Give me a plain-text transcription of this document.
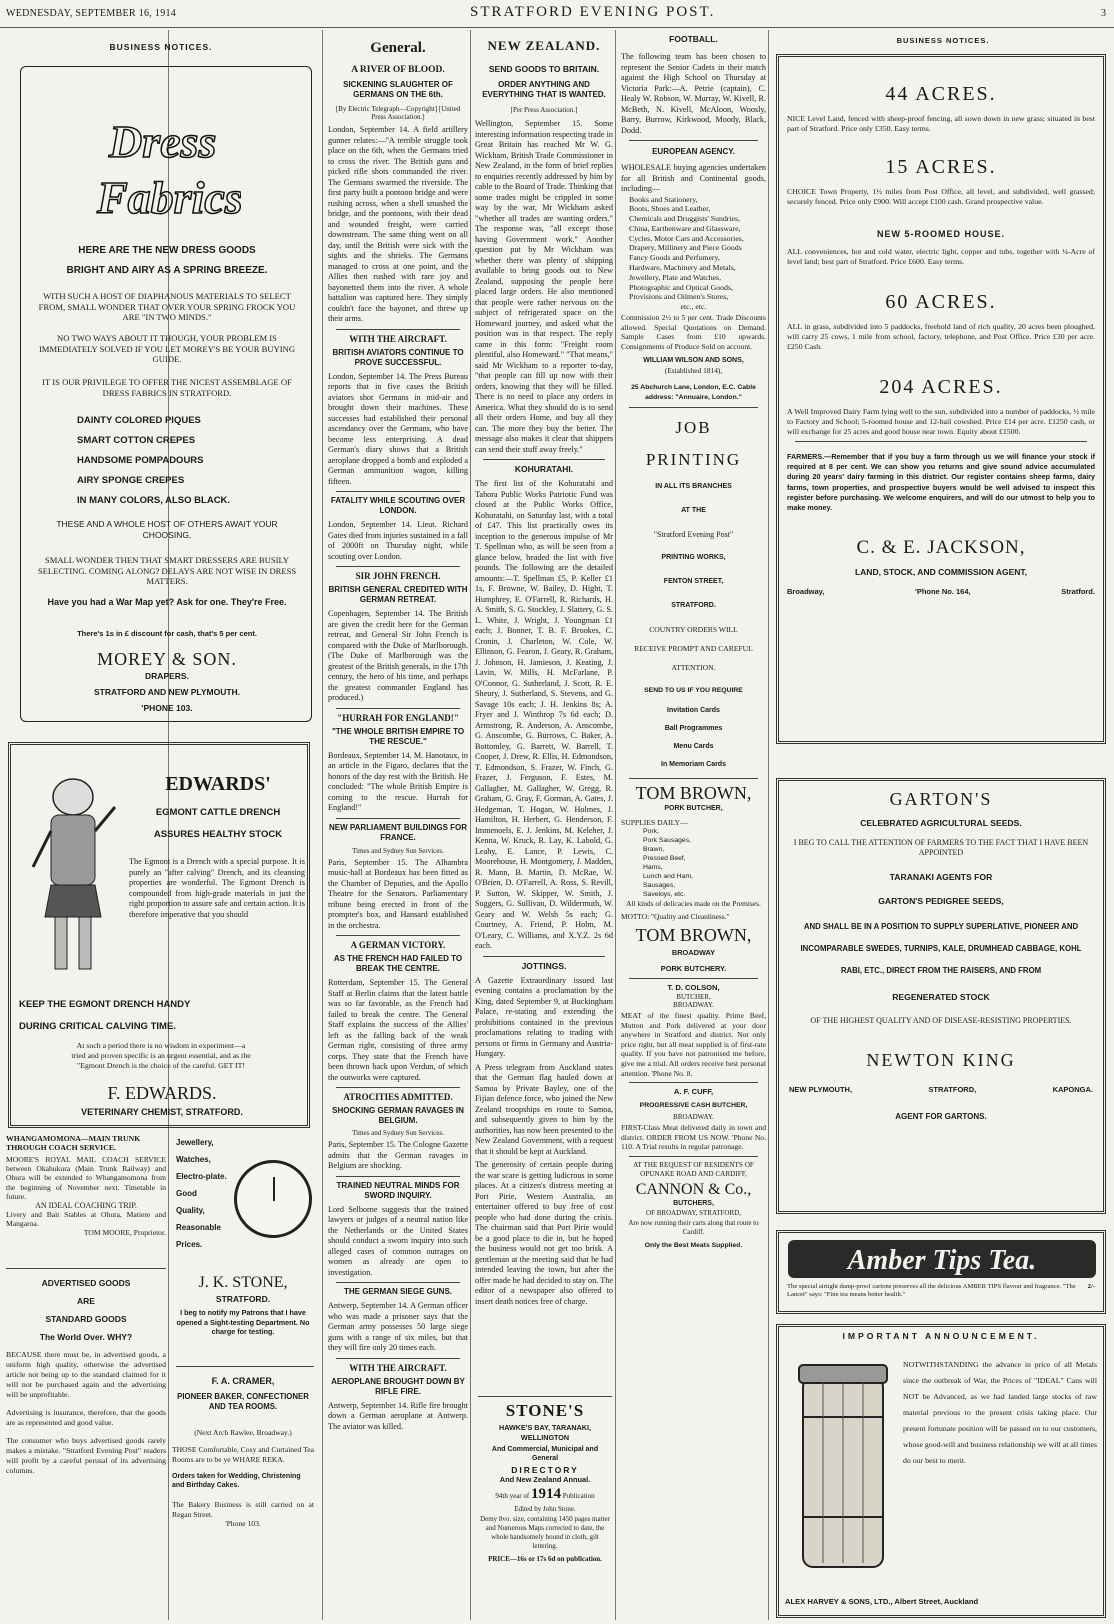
WEDNESDAY, SEPTEMBER 16, 1914	STRATFORD EVENING POST.	3
BUSINESS NOTICES.
Dress
Fabrics
HERE ARE THE NEW DRESS GOODS
BRIGHT AND AIRY AS A SPRING BREEZE.
WITH SUCH A HOST OF DIAPHANOUS MATERIALS TO SELECT FROM, SMALL WONDER THAT OVER YOUR SPRING FROCK YOU ARE "IN TWO MINDS."
NO TWO WAYS ABOUT IT THOUGH, YOUR PROBLEM IS IMMEDIATELY SOLVED IF YOU LET MOREY'S BE YOUR BUYING GUIDE.
IT IS OUR PRIVILEGE TO OFFER THE NICEST ASSEMBLAGE OF DRESS FABRICS IN STRATFORD.
DAINTY COLORED PIQUES
SMART COTTON CREPES
HANDSOME POMPADOURS
AIRY SPONGE CREPES
IN MANY COLORS, ALSO BLACK.
THESE AND A WHOLE HOST OF OTHERS AWAIT YOUR CHOOSING.
SMALL WONDER THEN THAT SMART DRESSERS ARE BUSILY SELECTING. COMING ALONG? DELAYS ARE NOT WISE IN DRESS MATTERS.
Have you had a War Map yet? Ask for one. They're Free.
There's 1s in £ discount for cash, that's 5 per cent.
MOREY & SON.
DRAPERS.
STRATFORD AND NEW PLYMOUTH.
'PHONE 103.
EDWARDS'
EGMONT CATTLE DRENCH
ASSURES HEALTHY STOCK
The Egmont is a Drench with a special purpose. It is purely an "after calving" Drench, and its cleansing properties are wonderful. The Egmont Drench is compounded from high-grade materials in just the right proportion to assure safe and certain action. It is therefore imperative that you should
KEEP THE EGMONT DRENCH HANDY
DURING CRITICAL CALVING TIME.
At such a period there is no wisdom in experiment—a tried and proven specific is an urgent essential, and as the "Egmont Drench is the choice of the careful. GET IT!
F. EDWARDS.
VETERINARY CHEMIST, STRATFORD.
WHANGAMOMONA—MAIN TRUNK THROUGH COACH SERVICE.
MOORE'S ROYAL MAIL COACH SERVICE between Okahukura (Main Trunk Railway) and Ohura will be extended to Whangamomona from the beginning of November next. Timetable in future.
AN IDEAL COACHING TRIP.
Livery and Bait Stables at Ohura, Matiere and Mangaroa.
TOM MOORE, Proprietor.
ADVERTISED GOODS
ARE
STANDARD GOODS
The World Over. WHY?
BECAUSE there must be, in advertised goods, a uniform high quality, otherwise the advertised article not being up to the standard claimed for it will not be purchased again and the advertising will be unprofitable.
Advertising is insurance, therefore, that the goods are as represented and good value.
The consumer who buys advertised goods rarely makes a mistake. "Stratford Evening Post" readers will profit by a careful perusal of its advertising columns.
Jewellery,
Watches,
Electro-plate.
Good
Quality,
Reasonable
Prices.
J. K. STONE,
STRATFORD.
I beg to notify my Patrons that I have opened a Sight-testing Department. No charge for testing.
F. A. CRAMER,
PIONEER BAKER, CONFECTIONER AND TEA ROOMS.
(Next Arch Rawlee, Broadway.)
THOSE Comfortable, Cosy and Curtained Tea Rooms are to be ye WHARE REKA.
Orders taken for Wedding, Christening and Birthday Cakes.
The Bakery Business is still carried on at Regan Street.
'Phone 103.
General.
A RIVER OF BLOOD.
SICKENING SLAUGHTER OF GERMANS ON THE 6th.
[By Electric Telegraph—Copyright] [United Press Association.]
London, September 14. A field artillery gunner relates:—"A terrible struggle took place on the 6th, when the Germans tried to cross the river. The British guns and picked rifle shots commanded the river. The Germans swarmed the riverside. The first party built a pontoon bridge and were rushing across, when a shell smashed the bridge, and the pontoons, with their dead and wounded freight, were carried downstream. The same thing went on all day, until the British were sick with the sights and the shrieks. The Germans managed to cross at one point, and the Allies then rushed with rare joy and bayonetted them into the river. A whole battalion was captured here. They simply couldn't face the bayonet, and threw up their arms.
WITH THE AIRCRAFT.
BRITISH AVIATORS CONTINUE TO PROVE SUCCESSFUL.
London, September 14. The Press Bureau reports that in five cases the British aviators shot Germans in mid-air and brought down their machines. These successes had established their personal ascendancy over the Germans, who have become less enterprising. A dead German's diary shows that a British aeroplane dropped a bomb and exploded a German ammunition wagon, killing fifteen.
FATALITY WHILE SCOUTING OVER LONDON.
London, September 14. Lieut. Richard Gates died from injuries sustained in a fall of 2000ft on Thursday night, while scouting over London.
SIR JOHN FRENCH.
BRITISH GENERAL CREDITED WITH GERMAN RETREAT.
Copenhagen, September 14. The British are given the credit here for the German retreat, and General Sir John French is compared with the Duke of Marlborough. (The Duke of Marlborough was the greatest of the British generals, in the 17th century, the hero of his time, and perhaps the greatest commander England has produced.)
"HURRAH FOR ENGLAND!"
"THE WHOLE BRITISH EMPIRE TO THE RESCUE."
Bordeaux, September 14. M. Hanotaux, in an article in the Figaro, declares that the honors of the day rest with the British. He concluded: "The whole British Empire is coming to the rescue. Hurrah for England!"
NEW PARLIAMENT BUILDINGS FOR FRANCE.
Times and Sydney Sun Services.
Paris, September 15. The Alhambra music-hall at Bordeaux has been fitted as the Chamber of Deputies, and the Apollo Theatre for the Senators. Parliamentary tribune being erected in front of the prompter's box, and Hansard established in the orchestra.
A GERMAN VICTORY.
AS THE FRENCH HAD FAILED TO BREAK THE CENTRE.
Rotterdam, September 15. The General Staff at Berlin claims that the latest battle was so far favorable, as the French had failed to break the centre. The General Staff explains the success of the Allies' left as the falling back of the weak German right, consisting of three army corps. They state that the French have been thrown back upon Verdun, of which the outworks were captured.
ATROCITIES ADMITTED.
SHOCKING GERMAN RAVAGES IN BELGIUM.
Times and Sydney Sun Services.
Paris, September 15. The Cologne Gazette admits that the German ravages in Belgium are shocking.
TRAINED NEUTRAL MINDS FOR SWORD INQUIRY.
Lord Selborne suggests that the trained lawyers or judges of a neutral nation like the Netherlands or the United States should conduct a sworn inquiry into such alleged cases of common outrages on women as already are open to investigation.
THE GERMAN SIEGE GUNS.
Antwerp, September 14. A German officer who was made a prisoner says that the German army possesses 50 large siege guns with a range of six miles, but that they will fire only 20 times each.
WITH THE AIRCRAFT.
AEROPLANE BROUGHT DOWN BY RIFLE FIRE.
Antwerp, September 14. Rifle fire brought down a German aeroplane at Antwerp. The aviator was killed.
NEW ZEALAND.
SEND GOODS TO BRITAIN.
ORDER ANYTHING AND EVERYTHING THAT IS WANTED.
[Per Press Association.]
Wellington, September 15. Some interesting information respecting trade in Great Britain has reached Mr W. G. Wickham, British Trade Commissioner in New Zealand, in the form of brief replies to enquiries recently addressed by him by cable to the Board of Trade. Thinking that some trades might be crippled in some way by the war, Mr Wickham asked "whether all trades are wanting orders." The response was, "all except those having Government work." Another question put by Mr Wickham was whether there was plenty of shipping available to bring goods out to New Zealand, supposing the people here placed large orders. He also mentioned that people were rather nervous on the subject of refrigerated space on the Homeward journey, and asked what the position was in that respect. The reply came in this form: "Freight room plentiful, also Homeward." "That means," said Mr Wickham to a reporter to-day, "that people can fill up now with their orders, knowing that they will be filled. There is no need to place any orders in America. What they should do is to send all their orders Home, and buy all they can. The more they buy the better. The message also makes it clear that shippers can send their stuff away freely."
KOHURATAHI.
The first list of the Kohuratahi and Tahora Public Works Patriotic Fund was closed at the Public Works Office, Kohuratahi, on Saturday last, with a total of £47. This list practically owes its inception to the generous impulse of Mr T. Spellman who, as will be seen from a glance below, headed the list with five pounds. The following are the detailed amounts:—T. Spellman £5, P. Keller £1 1s, F. Browne, W. Bailey, D. Hight, T. Humphrey, E. O'Farrell, R. Richards, H. A. Smith, S. G. Stockley, J. Slattery, G. S. L. White, J. Wright, J. Youngman £1 each; J. Bonner, T. B. F. Brookes, C. Cronin, J. Charleton, W. Cole, W. Ellinson, G. Fearon, J. Geary, R. Graham, J. Johnson, H. Jamieson, J. Keating, J. Lavin, W. Mills, H. McFarlane, P. O'Connor, G. Sutherland, J. Scott, R. E. Sheury, J. Sutherland, S. Stevens, and G. Savage 10s each; J. H. Jenkins 8s; A. Fryer and J. Winthrop 7s 6d each; D. Armstrong, R. Anderson, A. Anscombe, G. Anscombe, G. Burrows, C. Baker, A. Bottomley, G. Barrett, W. Barrell, T. Cooper, J. Drew, R. Ellis, H. Edmondson, T. Edmondson, S. Frazer, W. Finch, G. Frazer, J. Ferguson, F. Estes, M. Gallagher, M. Gallagher, W. Gregg, R. Graham, G. Gray, F. Gorman, A. Gates, J. Hedgeman, T. Hogan, W. Holmes, J. Hamilton, H. Herbert, G. Henderson, F. Immenoels, E. J. Jenkins, M. Keleher, J. Kenna, W. Kruck, R. Lay, K. Labold, G. Leahy, E. Lance, P. Lewis, C. Moorehouse, H. Montgomery, J. Madden, R. Mann, B. Martin, D. McRae, W. O'Brien, D. O'Farrell, A. Ross, S. Revill, P. Sutton, W. Skipper, W. Smith, J. Suggers, G. Sullivan, D. Wildermuth, W. Geary and W. Welsh 5s each; G. Courtney, A. Friend, P. Holm, M. O'Leary, C. Williams, and X.Y.Z. 2s 6d each.
JOTTINGS.
A Gazette Extraordinary issued last evening contains a proclamation by the King, dated September 9, at Buckingham Palace, re-stating and extending the prohibitions contained in the previous proclamations relating to trading with persons or firms in Germany and Austria-Hungary.
A Press telegram from Auckland states that the German flag hauled down at Samoa by Private Bayley, one of the Fijian defence force, who joined the New Zealand troopships en route to Samoa, and subsequently given to him by the authorities, has now been presented to the New Zealand Government, with a request that it should be kept at Auckland.
The generosity of certain people during the war scare is getting ludicrous in some places. At a citizen's distress meeting at Port Pirie, Western Australia, an entertainer offered to buy free of cost people who had done during the crisis. The chairman said that Port Pirie would be a good place to die in, but he hoped the business would not get too brisk. A gentleman at the meeting said that he had intended leaving the town, but after the offer made he had decided to stay on. The editor of a newspaper also offered to insert death notices free of charge.
STONE'S
HAWKE'S BAY, TARANAKI, WELLINGTON
And Commercial, Municipal and General
DIRECTORY
And New Zealand Annual.
94th year of 1914 Publication
Edited by John Stone.
Demy 8vo. size, containing 1450 pages matter and Numerous Maps corrected to date, the whole handsomely bound in cloth, gilt lettering.
PRICE—16s or 17s 6d on publication.
FOOTBALL.
The following team has been chosen to represent the Senior Cadets in their match against the High School on Thursday at Victoria Park:—A. Petrie (captain), C. Healy W. Robson, W. Murray, W. Kivell, R. McBeth, N. Kivell, McAloon, Woosly, Barry, Burrow, Kirkwood, Moody, Black, Dodd.
EUROPEAN AGENCY.
WHOLESALE buying agencies undertaken for all British and Continental goods, including—
Books and Stationery,
Boots, Shoes and Leather,
Chemicals and Druggists' Sundries,
China, Earthenware and Glassware,
Cycles, Motor Cars and Accessories,
Drapery, Millinery and Piece Goods
Fancy Goods and Perfumery,
Hardware, Machinery and Metals,
Jewellery, Plate and Watches,
Photographic and Optical Goods,
Provisions and Oilmen's Stores,
etc., etc.
Commission 2½ to 5 per cent. Trade Discounts allowed. Special Quotations on Demand. Sample Cases from £10 upwards. Consignments of Produce Sold on account.
WILLIAM WILSON AND SONS,
(Established 1814),
25 Abchurch Lane, London, E.C. Cable address: "Annuaire, London."
JOB
PRINTING
IN ALL ITS BRANCHES
AT THE
"Stratford Evening Post"
PRINTING WORKS,
FENTON STREET,
STRATFORD.
COUNTRY ORDERS WILL
RECEIVE PROMPT AND CAREFUL
ATTENTION.
SEND TO US IF YOU REQUIRE
Invitation Cards
Ball Programmes
Menu Cards
In Memoriam Cards
TOM BROWN,
PORK BUTCHER,
SUPPLIES DAILY—
Pork,
Pork Sausages,
Brawn,
Pressed Beef,
Hams,
Lunch and Ham,
Sausages,
Saveloys, etc.
All kinds of delicacies made on the Premises.
MOTTO: "Quality and Cleanliness."
TOM BROWN,
BROADWAY
PORK BUTCHERY.
T. D. COLSON,
BUTCHER,
BROADWAY.
MEAT of the finest quality. Prime Beef, Mutton and Pork delivered at your door anywhere in Stratford and district. Not only price right, but all meat supplied is of first-rate quality. If you have not patronised me before, give me a trial. All orders receive best personal attention. 'Phone No. 8.
A. F. CUFF,
PROGRESSIVE CASH BUTCHER,
BROADWAY.
FIRST-Class Meat delivered daily in town and district. ORDER FROM US NOW. 'Phone No. 110. A Trial results in regular patronage.
AT THE REQUEST OF RESIDENTS OF OPUNAKE ROAD AND CARDIFF,
CANNON & Co.,
BUTCHERS,
OF BROADWAY, STRATFORD,
Are now running their carts along that route to Cardiff.
Only the Best Meats Supplied.
BUSINESS NOTICES.
44 ACRES.
NICE Level Land, fenced with sheep-proof fencing, all sown down in new grass; situated in best part of Stratford. Price only £350. Easy terms.
15 ACRES.
CHOICE Town Property, 1½ miles from Post Office, all level, and subdivided, well grassed; securely fenced. Price only £900. Will accept £100 cash. Grand prospective value.
NEW 5-ROOMED HOUSE.
ALL conveniences, hot and cold water, electric light, copper and tubs, together with ¼-Acre of level land; best part of Stratford. Price £600. Easy terms.
60 ACRES.
ALL in grass, subdivided into 5 paddocks, freehold land of rich quality, 20 acres been ploughed, will carry 25 cows, 1 mile from school, factory, telephone, and Post Office. Price £30 per acre. £250 Cash.
204 ACRES.
A Well Improved Dairy Farm lying well to the sun, subdivided into a number of paddocks, ½ mile to Factory and School; 5-roomed house and 12-bail cowshed. Price £14 per acre. £1250 cash, or will exchange for 25 acres and good house near town. Equity about £1500.
FARMERS.—Remember that if you buy a farm through us we will finance your stock if required at 8 per cent. We can show you returns and give sound advice accumulated during 20 years' dairy farming in this district. Our register contains sheep farms, dairy farms, town properties, and prospective buyers would be well advised to inspect this register before purchasing. We welcome enquirers, and will do our utmost to help you to make money.
C. & E. JACKSON,
LAND, STOCK, AND COMMISSION AGENT,
Broadway,	'Phone No. 164,	Stratford.
GARTON'S
CELEBRATED AGRICULTURAL SEEDS.
I BEG TO CALL THE ATTENTION OF FARMERS TO THE FACT THAT I HAVE BEEN APPOINTED
TARANAKI AGENTS FOR
GARTON'S PEDIGREE SEEDS,
AND SHALL BE IN A POSITION TO SUPPLY SUPERLATIVE, PIONEER AND INCOMPARABLE SWEDES, TURNIPS, KALE, DRUMHEAD CABBAGE, KOHL RABI, ETC., DIRECT FROM THE RAISERS, AND FROM
REGENERATED STOCK
OF THE HIGHEST QUALITY AND OF DISEASE-RESISTING PROPERTIES.
NEWTON KING
NEW PLYMOUTH,	STRATFORD,	KAPONGA.
AGENT FOR GARTONS.
Amber Tips Tea.
The special airtight damp-proof cartons preserves all the delicious AMBER TIPS flavour and fragrance. "The Lancet" says: "Fine tea means better health."
2/-
IMPORTANT ANNOUNCEMENT.
NOTWITHSTANDING the advance in price of all Metals since the outbreak of War, the Prices of "IDEAL" Cans will NOT be Advanced, as we had landed large stocks of raw material previous to the present crisis taking place. Our present fortunate position will be passed on to our customers, whose good-will and business relationship we will at all times do our best to merit.
ALEX HARVEY & SONS, LTD., Albert Street, Auckland
